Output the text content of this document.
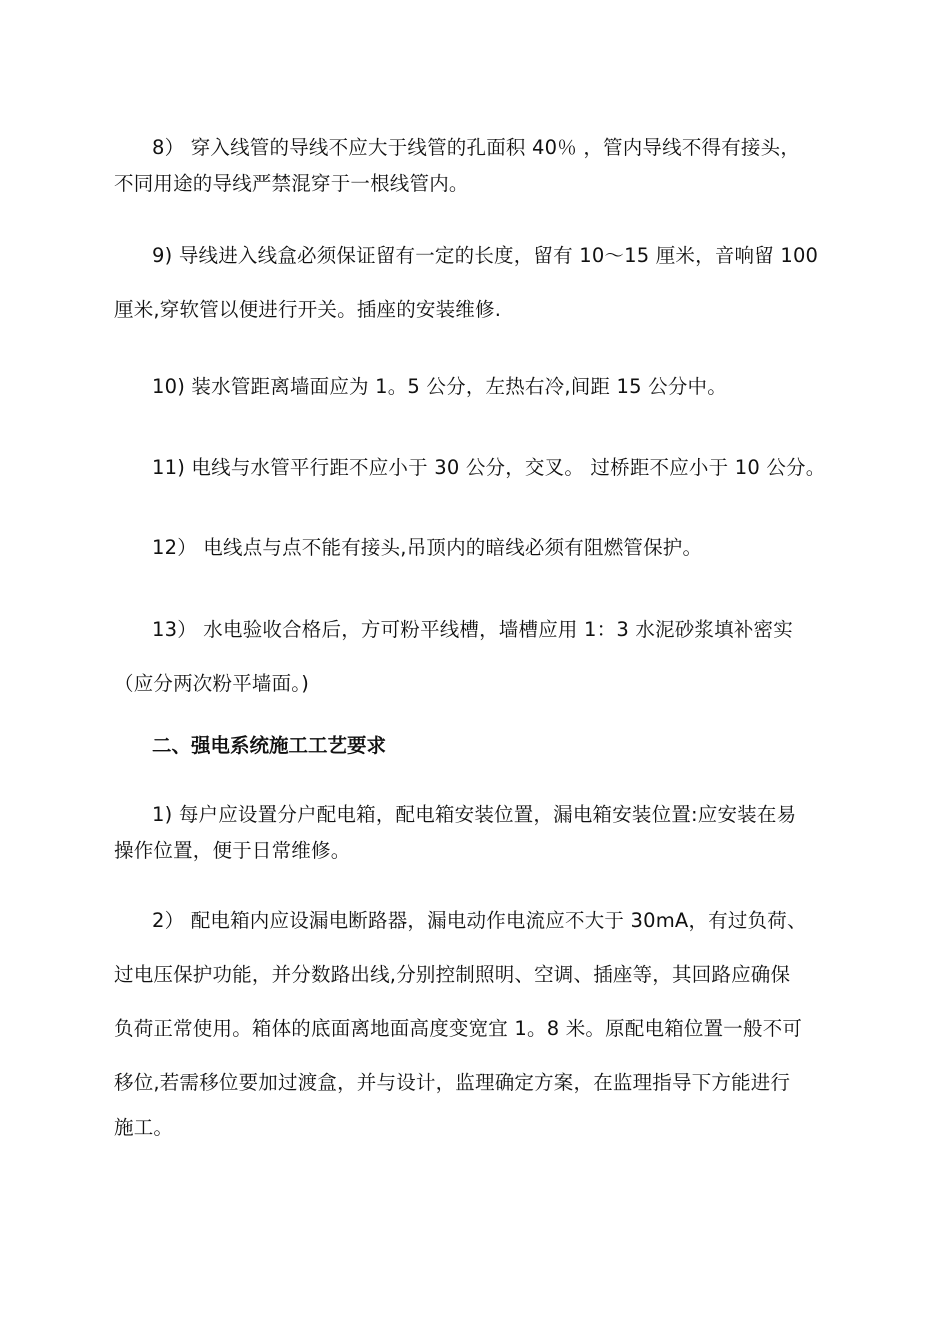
8） 穿入线管的导线不应大于线管的孔面积 40％ ，管内导线不得有接头，
不同用途的导线严禁混穿于一根线管内。

9) 导线进入线盒必须保证留有一定的长度，留有 10～15 厘米，音响留 100
厘米,穿软管以便进行开关。插座的安装维修.

10) 装水管距离墙面应为 1。5 公分，左热右冷,间距 15 公分中。

11) 电线与水管平行距不应小于 30 公分，交叉。 过桥距不应小于 10 公分。

12） 电线点与点不能有接头,吊顶内的暗线必须有阻燃管保护。

13） 水电验收合格后，方可粉平线槽，墙槽应用 1：3 水泥砂浆填补密实
（应分两次粉平墙面。)

二、强电系统施工工艺要求

1) 每户应设置分户配电箱，配电箱安装位置，漏电箱安装位置:应安装在易
操作位置，便于日常维修。

2） 配电箱内应设漏电断路器，漏电动作电流应不大于 30mA，有过负荷、
过电压保护功能，并分数路出线,分别控制照明、空调、插座等，其回路应确保
负荷正常使用。箱体的底面离地面高度变宽宜 1。8 米。原配电箱位置一般不可
移位,若需移位要加过渡盒，并与设计，监理确定方案，在监理指导下方能进行
施工。
